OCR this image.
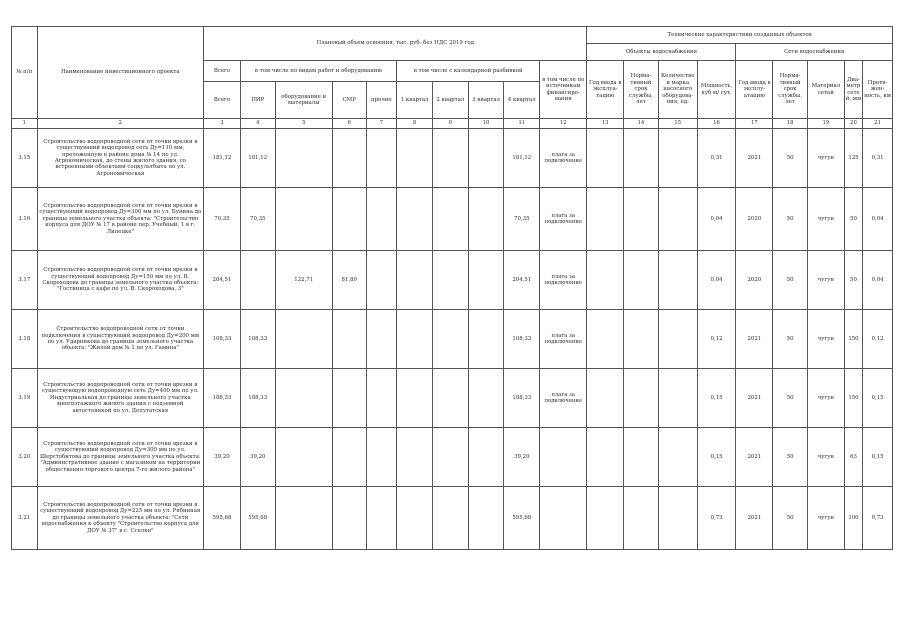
№ п/п	Наименование инвестиционного проекта	Плановый объем освоения, тыс. руб. без НДС 2019 год										Технические характеристики созданных объектов								
												Объекты водоснабжения				Сети водоснабжения				
		Всего	в том числе по видам работ и оборудованию				в том числе с календарной разбивкой				в том числе по источникам финансиро-вания	Год ввода в эксплуа-тацию	Норма-тивный срок службы, лет	Количество и марка насосного оборудова-ния, ед.	Мощность, куб м/ сут.	Год ввода в эксплу-атацию	Норма-тивный срок службы, лет	Материал сетей	Диа-метр сетей, мм	Протя-жен-ность, км
		Всего	ПИР	оборудование и материалы	СМР	прочие	1 квартал	2 квартал	3 квартал	4 квартал										
1	2	3	4	5	6	7	8	9	10	11	12	13	14	15	16	17	18	19	20	21
3.15	Строительство водопроводной сети от точки врезки в существующий водопровод сеть Ду=110 мм, проложенную в районе дома № 14 по ул. Агрономическая, до стены жилого здания, со встроенными объектами соцкультбыта по ул. Агрономическая	181,12	181,12							181,12	плата за подключение				0,31	2021	50	чугун	125	0,31
3.16	Строительство водопроводной сети от точки врезки в существующий водопровод Ду=300 мм по ул. Бунина до границы земельного участка объекта: "Строительство корпуса для ДОУ № 17 в районе пер. Учебный, 1 в г. Липецке"	70,35	70,35							70,35	плата за подключение				0,04	2020	50	чугун	50	0,04
3.17	Строительство водопроводной сети от точки врезки в существующий водопровод Ду=150 мм по ул. В. Скороходова до границы земельного участка объекта: "Гостиница с кафе по ул. В. Скороходова, 3"	204,51		122,71	81,80					204,51	плата за подключение				0,04	2020	50	чугун	50	0,04
3.18	Строительство водопроводной сети от точки подключения в существующий водопровод Ду=200 мм по ул. Ударникова до границы земельного участка объекта: "Жилой дом № 1 по ул. Гамина"	108,33	108,33							108,33	плата за подключение				0,12	2021	50	чугун	150	0,12
3.19	Строительство водопроводной сети от точки врезки в существующую водопроводную сеть Ду=400 мм по ул. Индустриальная до границы земельного участка многоэтажного жилого здания с подземной автостоянкой по ул. Депутатская	188,33	188,33							188,33	плата за подключение				0,15	2021	50	чугун	150	0,15
3.20	Строительство водопроводной сети от точки врезки в существующий водопровод Ду=300 мм по ул. Шерстобитова до границы земельного участка объекта: "Административное здание с магазином на территории общественно-торгового центра 7-го жилого района"	39,20	39,20							39,20					0,15	2021	50	чугун	63	0,15
3.21	Строительство водопроводной сети от точки врезки в существующий водопровод Ду=225 мм по ул. Рябинная до границы земельного участка объекта: "Сети водоснабжения к объекту "Строительство корпуса для ДОУ № 37" в с. Сселки"	595,68	595,68							595,68					0,73	2021	50	чугун	100	0,73
